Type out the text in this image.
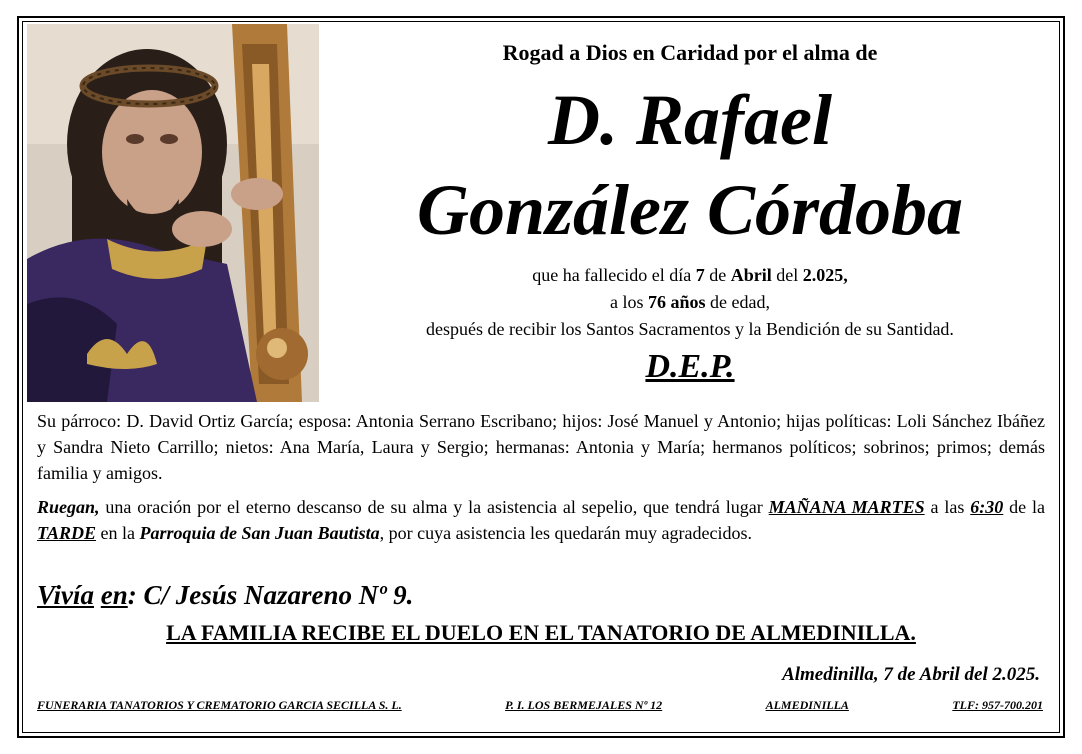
Rogad a Dios en Caridad por el alma de
D. Rafael
González Córdoba
que ha fallecido el día 7 de Abril del 2.025,
a los 76 años de edad,
después de recibir los Santos Sacramentos y la Bendición de su Santidad.
D.E.P.
Su párroco: D. David Ortiz García; esposa: Antonia Serrano Escribano; hijos: José Manuel y Antonio; hijas políticas: Loli Sánchez Ibáñez y Sandra Nieto Carrillo; nietos: Ana María, Laura y Sergio; hermanas: Antonia y María; hermanos políticos; sobrinos; primos; demás familia y amigos.
Ruegan, una oración por el eterno descanso de su alma y la asistencia al sepelio, que tendrá lugar MAÑANA MARTES a las 6:30 de la TARDE en la Parroquia de San Juan Bautista, por cuya asistencia les quedarán muy agradecidos.
Vivía en: C/ Jesús Nazareno Nº 9.
LA FAMILIA RECIBE EL DUELO EN EL TANATORIO DE ALMEDINILLA.
Almedinilla, 7 de Abril del 2.025.
FUNERARIA TANATORIOS Y CREMATORIO GARCIA SECILLA S. L.	P. I. LOS BERMEJALES Nº 12	ALMEDINILLA	TLF: 957-700.201
